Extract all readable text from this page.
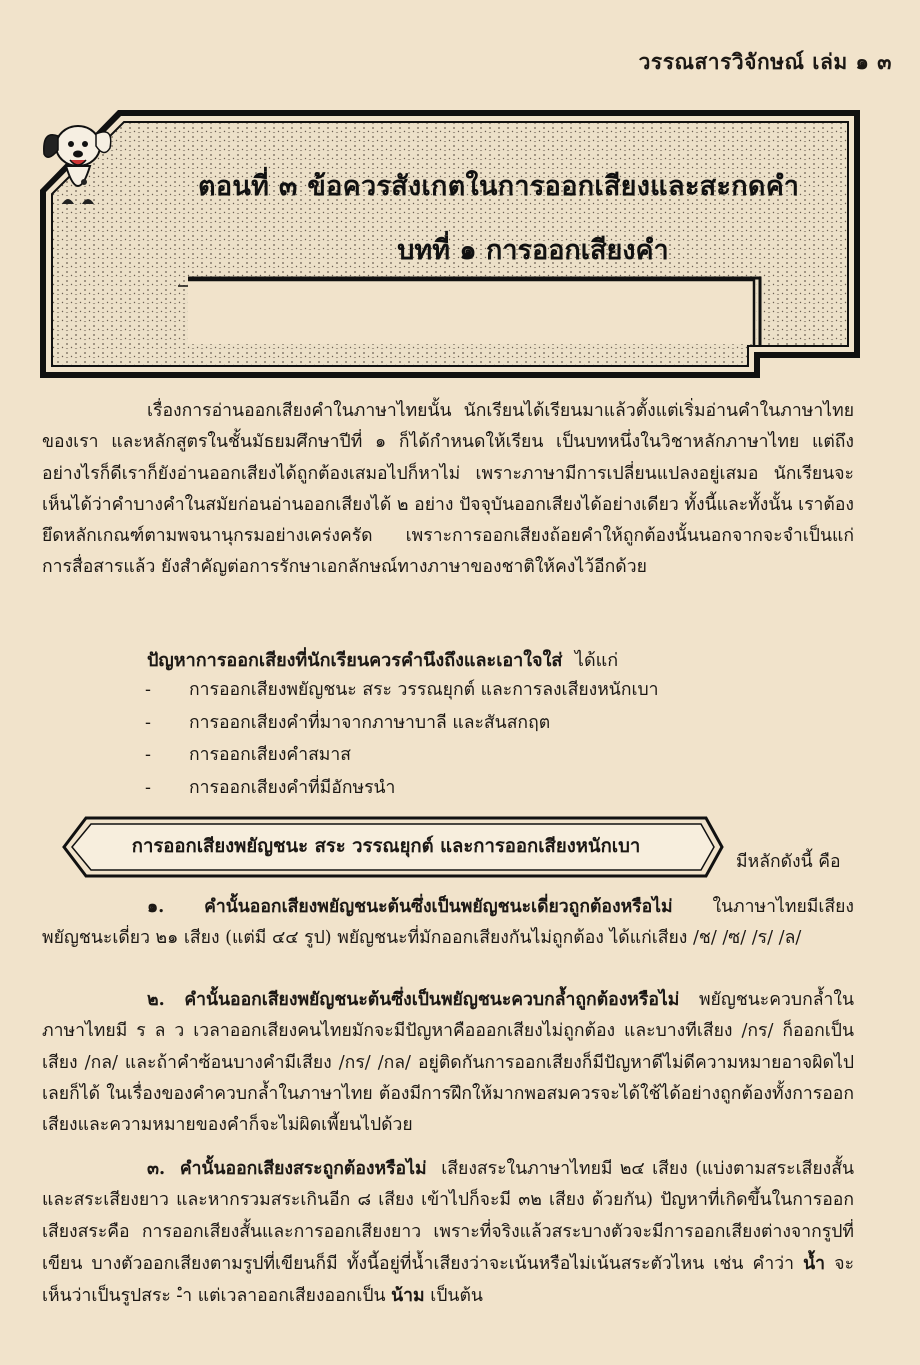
วรรณสารวิจักษณ์ เล่ม ๑ ๓
ตอนที่ ๓ ข้อควรสังเกตในการออกเสียงและสะกดคำ
บทที่ ๑ การออกเสียงคำ
เรื่องการอ่านออกเสียงคำในภาษาไทยนั้น นักเรียนได้เรียนมาแล้วตั้งแต่เริ่มอ่านคำในภาษาไทยของเรา และหลักสูตรในชั้นมัธยมศึกษาปีที่ ๑ ก็ได้กำหนดให้เรียน เป็นบทหนึ่งในวิชาหลักภาษาไทย แต่ถึงอย่างไรก็ดีเราก็ยังอ่านออกเสียงได้ถูกต้องเสมอไปก็หาไม่ เพราะภาษามีการเปลี่ยนแปลงอยู่เสมอ นักเรียนจะเห็นได้ว่าคำบางคำในสมัยก่อนอ่านออกเสียงได้ ๒ อย่าง ปัจจุบันออกเสียงได้อย่างเดียว ทั้งนี้และทั้งนั้น เราต้องยึดหลักเกณฑ์ตามพจนานุกรมอย่างเคร่งครัด เพราะการออกเสียงถ้อยคำให้ถูกต้องนั้นนอกจากจะจำเป็นแก่การสื่อสารแล้ว ยังสำคัญต่อการรักษาเอกลักษณ์ทางภาษาของชาติให้คงไว้อีกด้วย
ปัญหาการออกเสียงที่นักเรียนควรคำนึงถึงและเอาใจใส่ ได้แก่
- การออกเสียงพยัญชนะ สระ วรรณยุกต์ และการลงเสียงหนักเบา
- การออกเสียงคำที่มาจากภาษาบาลี และสันสกฤต
- การออกเสียงคำสมาส
- การออกเสียงคำที่มีอักษรนำ
การออกเสียงพยัญชนะ สระ วรรณยุกต์ และการออกเสียงหนักเบา
มีหลักดังนี้ คือ
๑. คำนั้นออกเสียงพยัญชนะต้นซึ่งเป็นพยัญชนะเดี่ยวถูกต้องหรือไม่ ในภาษาไทยมีเสียงพยัญชนะเดี่ยว ๒๑ เสียง (แต่มี ๔๔ รูป) พยัญชนะที่มักออกเสียงกันไม่ถูกต้อง ได้แก่เสียง /ช/ /ซ/ /ร/ /ล/
๒. คำนั้นออกเสียงพยัญชนะต้นซึ่งเป็นพยัญชนะควบกล้ำถูกต้องหรือไม่ พยัญชนะควบกล้ำในภาษาไทยมี ร ล ว เวลาออกเสียงคนไทยมักจะมีปัญหาคือออกเสียงไม่ถูกต้อง และบางทีเสียง /กร/ ก็ออกเป็นเสียง /กล/ และถ้าคำซ้อนบางคำมีเสียง /กร/ /กล/ อยู่ติดกันการออกเสียงก็มีปัญหาดีไม่ดีความหมายอาจผิดไปเลยก็ได้ ในเรื่องของคำควบกล้ำในภาษาไทย ต้องมีการฝึกให้มากพอสมควรจะได้ใช้ได้อย่างถูกต้องทั้งการออกเสียงและความหมายของคำก็จะไม่ผิดเพี้ยนไปด้วย
๓. คำนั้นออกเสียงสระถูกต้องหรือไม่ เสียงสระในภาษาไทยมี ๒๔ เสียง (แบ่งตามสระเสียงสั้น และสระเสียงยาว และหากรวมสระเกินอีก ๘ เสียง เข้าไปก็จะมี ๓๒ เสียง ด้วยกัน) ปัญหาที่เกิดขึ้นในการออกเสียงสระคือ การออกเสียงสั้นและการออกเสียงยาว เพราะที่จริงแล้วสระบางตัวจะมีการออกเสียงต่างจากรูปที่เขียน บางตัวออกเสียงตามรูปที่เขียนก็มี ทั้งนี้อยู่ที่น้ำเสียงว่าจะเน้นหรือไม่เน้นสระตัวไหน เช่น คำว่า น้ำ จะเห็นว่าเป็นรูปสระ -ำ แต่เวลาออกเสียงออกเป็น น้าม เป็นต้น
